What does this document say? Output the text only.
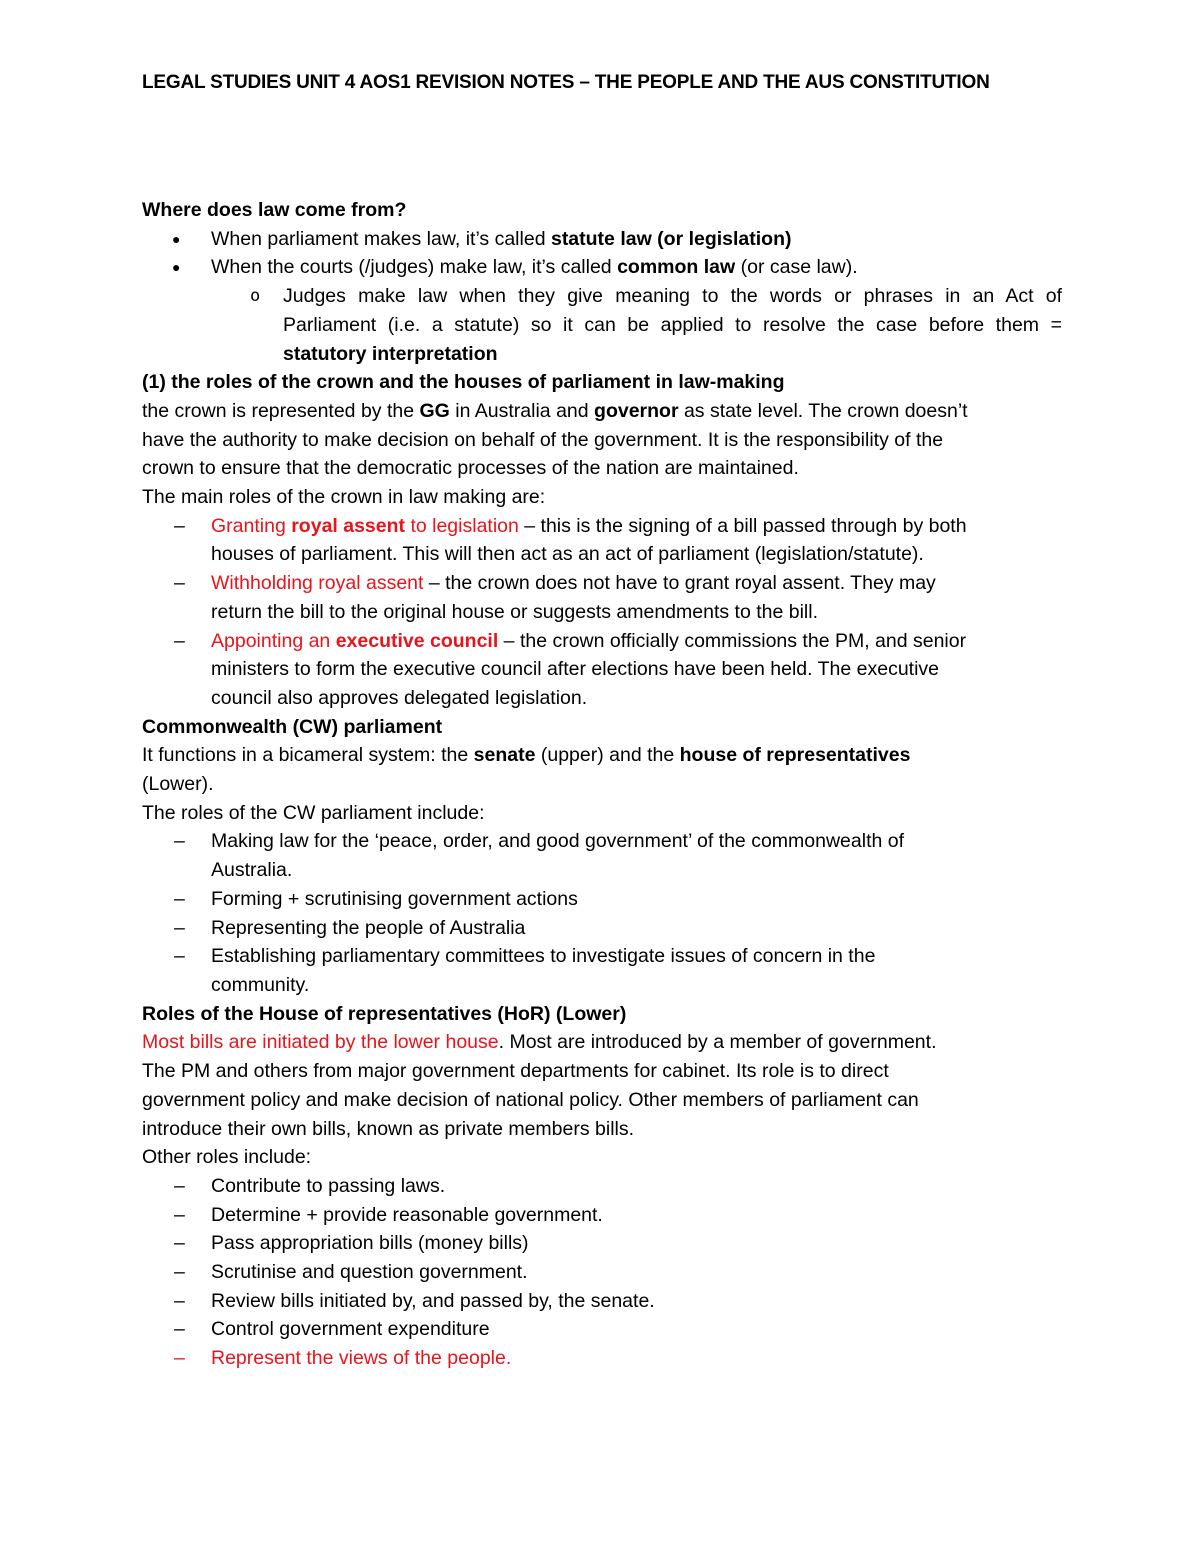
LEGAL STUDIES UNIT 4 AOS1 REVISION NOTES – THE PEOPLE AND THE AUS CONSTITUTION
Where does law come from?
● When parliament makes law, it’s called statute law (or legislation)
● When the courts (/judges) make law, it’s called common law (or case law).
o Judges make law when they give meaning to the words or phrases in an Act of
Parliament (i.e. a statute) so it can be applied to resolve the case before them =
statutory interpretation
(1) the roles of the crown and the houses of parliament in law-making
the crown is represented by the GG in Australia and governor as state level. The crown doesn’t
have the authority to make decision on behalf of the government. It is the responsibility of the
crown to ensure that the democratic processes of the nation are maintained.
The main roles of the crown in law making are:
– Granting royal assent to legislation – this is the signing of a bill passed through by both
houses of parliament. This will then act as an act of parliament (legislation/statute).
– Withholding royal assent – the crown does not have to grant royal assent. They may
return the bill to the original house or suggests amendments to the bill.
– Appointing an executive council – the crown officially commissions the PM, and senior
ministers to form the executive council after elections have been held. The executive
council also approves delegated legislation.
Commonwealth (CW) parliament
It functions in a bicameral system: the senate (upper) and the house of representatives
(Lower).
The roles of the CW parliament include:
– Making law for the ‘peace, order, and good government’ of the commonwealth of
Australia.
– Forming + scrutinising government actions
– Representing the people of Australia
– Establishing parliamentary committees to investigate issues of concern in the
community.
Roles of the House of representatives (HoR) (Lower)
Most bills are initiated by the lower house. Most are introduced by a member of government.
The PM and others from major government departments for cabinet. Its role is to direct
government policy and make decision of national policy. Other members of parliament can
introduce their own bills, known as private members bills.
Other roles include:
– Contribute to passing laws.
– Determine + provide reasonable government.
– Pass appropriation bills (money bills)
– Scrutinise and question government.
– Review bills initiated by, and passed by, the senate.
– Control government expenditure
– Represent the views of the people.
